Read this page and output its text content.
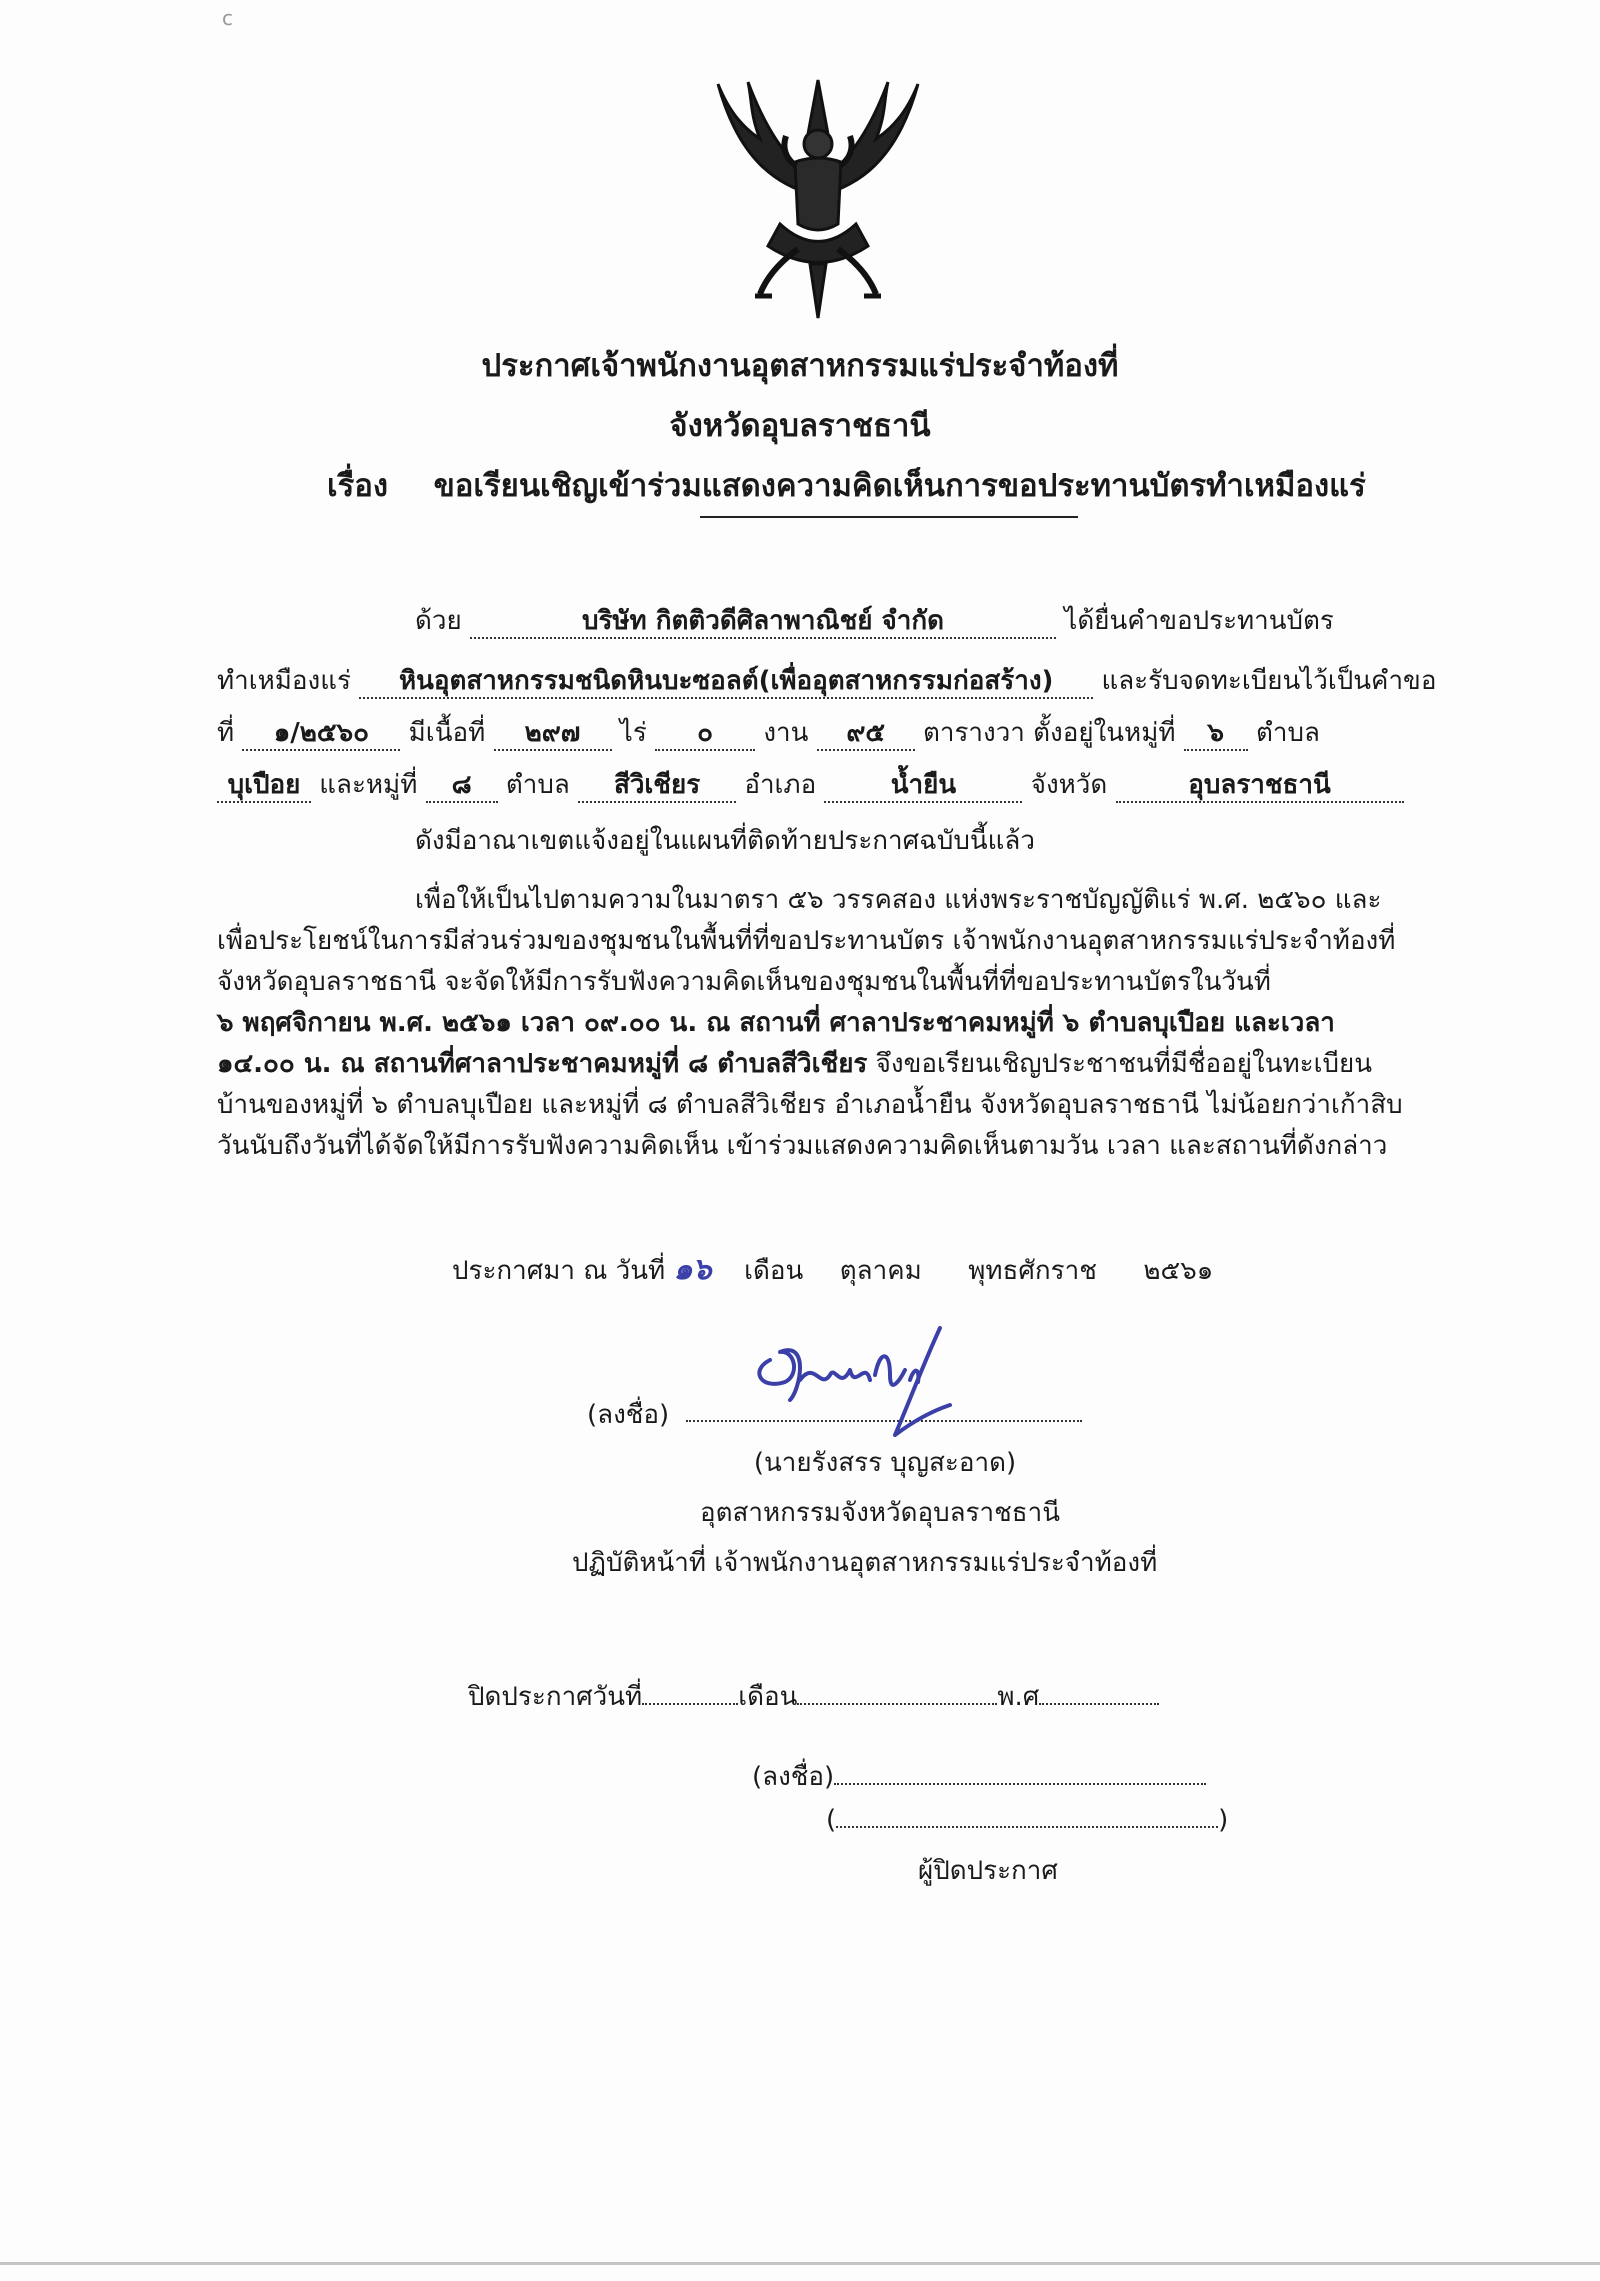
c
ประกาศเจ้าพนักงานอุตสาหกรรมแร่ประจำท้องที่
จังหวัดอุบลราชธานี
เรื่อง ขอเรียนเชิญเข้าร่วมแสดงความคิดเห็นการขอประทานบัตรทำเหมืองแร่
ด้วย	บริษัท กิตติวดีศิลาพาณิชย์ จำกัด	ได้ยื่นคำขอประทานบัตร
ทำเหมืองแร่ หินอุตสาหกรรมชนิดหินบะซอลต์(เพื่ออุตสาหกรรมก่อสร้าง) และรับจดทะเบียนไว้เป็นคำขอ
ที่ ๑/๒๕๖๐ มีเนื้อที่ ๒๙๗ ไร่ ๐ งาน ๙๕ ตารางวา ตั้งอยู่ในหมู่ที่ ๖ ตำบล
บุเปือย และหมู่ที่ ๘ ตำบล สีวิเชียร อำเภอ	น้ำยืน	จังหวัด	อุบลราชธานี
ดังมีอาณาเขตแจ้งอยู่ในแผนที่ติดท้ายประกาศฉบับนี้แล้ว

เพื่อให้เป็นไปตามความในมาตรา ๕๖ วรรคสอง แห่งพระราชบัญญัติแร่ พ.ศ. ๒๕๖๐ และ

เพื่อประโยชน์ในการมีส่วนร่วมของชุมชนในพื้นที่ที่ขอประทานบัตร เจ้าพนักงานอุตสาหกรรมแร่ประจำท้องที่

จังหวัดอุบลราชธานี จะจัดให้มีการรับฟังความคิดเห็นของชุมชนในพื้นที่ที่ขอประทานบัตรในวันที่

๖ พฤศจิกายน พ.ศ. ๒๕๖๑ เวลา ๐๙.๐๐ น. ณ สถานที่ ศาลาประชาคมหมู่ที่ ๖ ตำบลบุเปือย และเวลา

๑๔.๐๐ น. ณ สถานที่ศาลาประชาคมหมู่ที่ ๘ ตำบลสีวิเชียร จึงขอเรียนเชิญประชาชนที่มีชื่ออยู่ในทะเบียน

บ้านของหมู่ที่ ๖ ตำบลบุเปือย และหมู่ที่ ๘ ตำบลสีวิเชียร อำเภอน้ำยืน จังหวัดอุบลราชธานี ไม่น้อยกว่าเก้าสิบ

วันนับถึงวันที่ได้จัดให้มีการรับฟังความคิดเห็น เข้าร่วมแสดงความคิดเห็นตามวัน เวลา และสถานที่ดังกล่าว

ประกาศมา ณ วันที่ ๑๖ เดือน ตุลาคม พุทธศักราช ๒๕๖๑
(ลงชื่อ)
(นายรังสรร บุญสะอาด)
อุตสาหกรรมจังหวัดอุบลราชธานี
ปฏิบัติหน้าที่ เจ้าพนักงานอุตสาหกรรมแร่ประจำท้องที่
ปิดประกาศวันที่	เดือน	พ.ศ
(ลงชื่อ)
(	)
ผู้ปิดประกาศ
